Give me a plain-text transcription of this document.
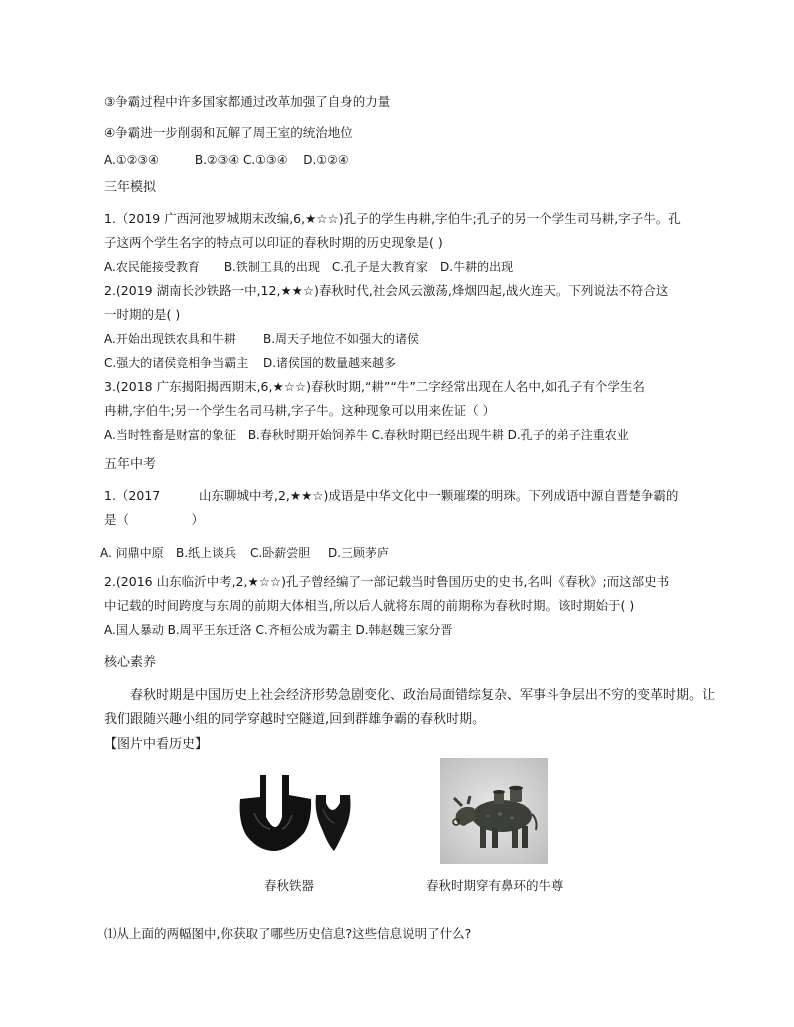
③争霸过程中许多国家都通过改革加强了自身的力量
④争霸进一步削弱和瓦解了周王室的统治地位
A.①②③④　　　B.②③④ C.①③④　 D.①②④
三年模拟
1.（2019 广西河池罗城期末改编,6,★☆☆)孔子的学生冉耕,字伯牛;孔子的另一个学生司马耕,字子牛。孔
子这两个学生名字的特点可以印证的春秋时期的历史现象是( )
A.农民能接受教育　　B.铁制工具的出现　C.孔子是大教育家　D.牛耕的出现
2.(2019 湖南长沙铁路一中,12,★★☆)春秋时代,社会风云激荡,烽烟四起,战火连天。下列说法不符合这
一时期的是( )
A.开始出现铁农具和牛耕 B.周天子地位不如强大的诸侯
C.强大的诸侯竞相争当霸主 D.诸侯国的数量越来越多
3.(2018 广东揭阳揭西期末,6,★☆☆)春秋时期,“耕”“牛”二字经常出现在人名中,如孔子有个学生名
冉耕,字伯牛;另一个学生名司马耕,字子牛。这种现象可以用来佐证（ ）
A.当时牲畜是财富的象征　B.春秋时期开始饲养牛 C.春秋时期已经出现牛耕 D.孔子的弟子注重农业
五年中考
1.（2017	山东聊城中考,2,★★☆)成语是中华文化中一颗璀璨的明珠。下列成语中源自晋楚争霸的
是（　　　　　）
A. 问鼎中原 B.纸上谈兵 C.卧薪尝胆 D.三顾茅庐
2.(2016 山东临沂中考,2,★☆☆)孔子曾经编了一部记载当时鲁国历史的史书,名叫《春秋》;而这部史书
中记载的时间跨度与东周的前期大体相当,所以后人就将东周的前期称为春秋时期。该时期始于( )
A.国人暴动 B.周平王东迁洛 C.齐桓公成为霸主 D.韩赵魏三家分晋
核心素养
春秋时期是中国历史上社会经济形势急剧变化、政治局面错综复杂、军事斗争层出不穷的变革时期。让
我们跟随兴趣小组的同学穿越时空隧道,回到群雄争霸的春秋时期。
【图片中看历史】
春秋铁器	春秋时期穿有鼻环的牛尊
⑴从上面的两幅图中,你获取了哪些历史信息?这些信息说明了什么?
